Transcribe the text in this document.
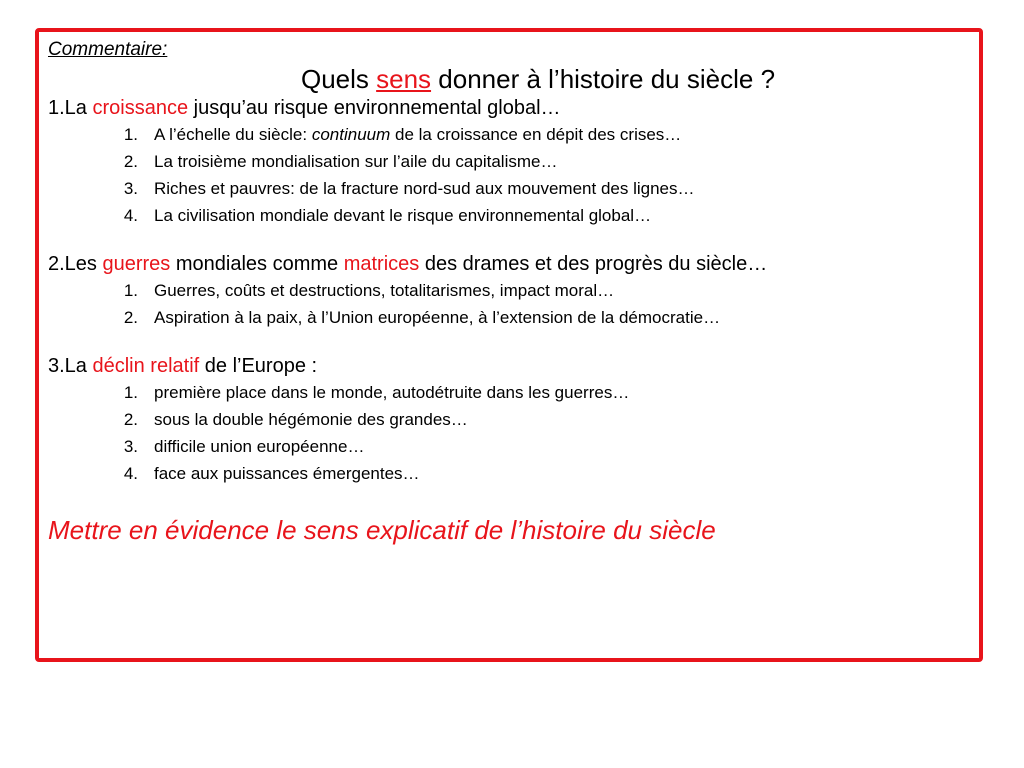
Commentaire:
Quels sens donner à l’histoire du siècle ?
1.La croissance jusqu’au risque environnemental global…
1. A l’échelle du siècle: continuum de la croissance en dépit des crises…
2. La troisième mondialisation sur l’aile du capitalisme…
3. Riches et pauvres: de la fracture nord-sud aux mouvement des lignes…
4. La civilisation mondiale devant le risque environnemental global…
2.Les guerres mondiales comme matrices des drames et des progrès du siècle…
1. Guerres, coûts et destructions, totalitarismes, impact moral…
2. Aspiration à la paix, à l’Union européenne, à l’extension de la démocratie…
3.La déclin relatif de l’Europe :
1. première place dans le monde, autodétruite dans les guerres…
2. sous la double hégémonie des grandes…
3. difficile union européenne…
4. face aux puissances émergentes…
Mettre en évidence le sens explicatif de l’histoire du siècle
